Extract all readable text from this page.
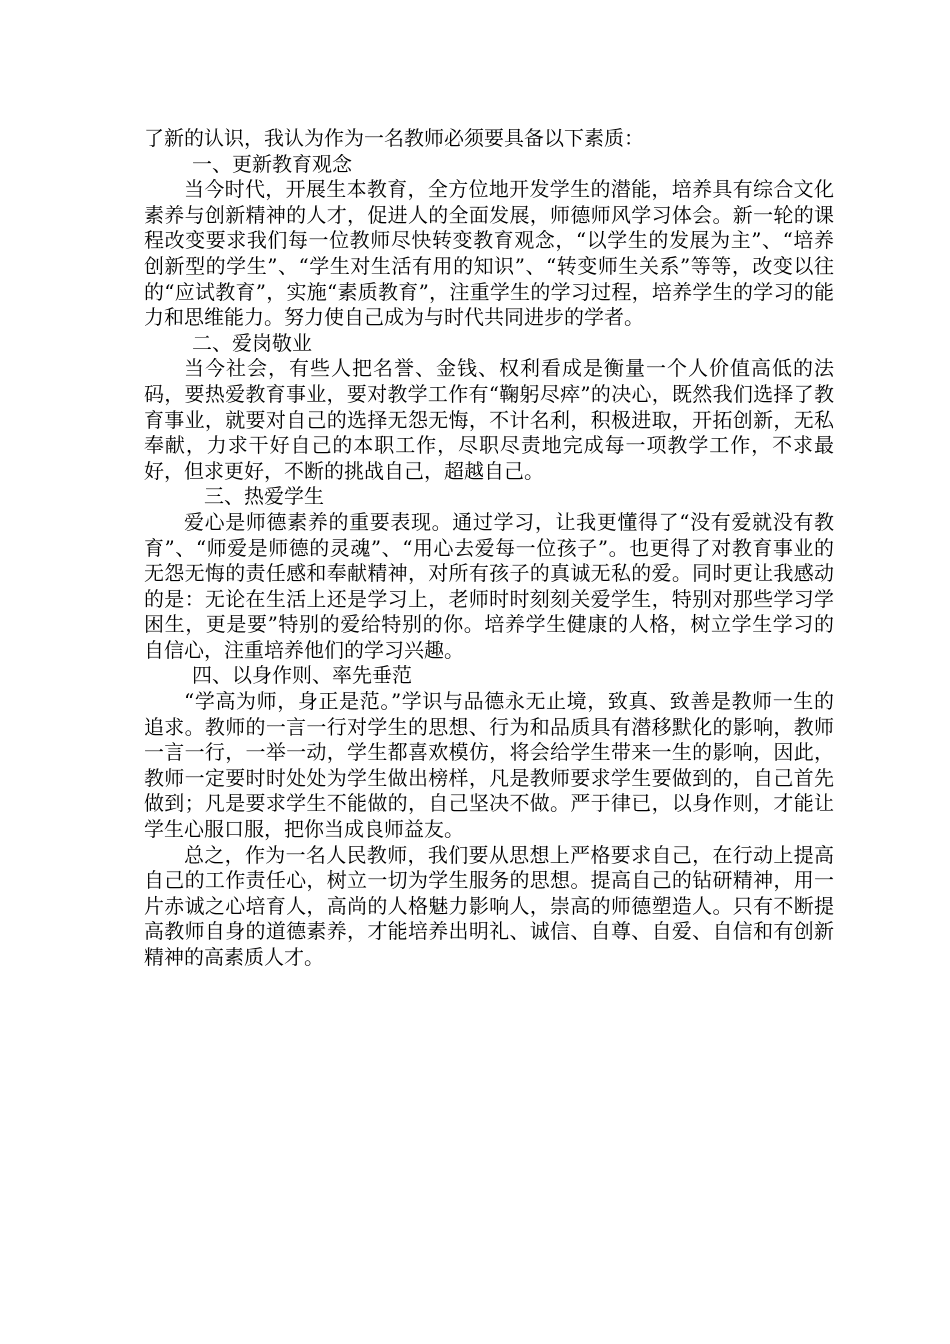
了新的认识，我认为作为一名教师必须要具备以下素质：

一、更新教育观念

当今时代，开展生本教育，全方位地开发学生的潜能，培养具有综合文化素养与创新精神的人才，促进人的全面发展，师德师风学习体会。新一轮的课程改变要求我们每一位教师尽快转变教育观念，“以学生的发展为主”、“培养创新型的学生”、“学生对生活有用的知识”、“转变师生关系”等等，改变以往的“应试教育”，实施“素质教育”，注重学生的学习过程，培养学生的学习的能力和思维能力。努力使自己成为与时代共同进步的学者。

二、爱岗敬业

当今社会，有些人把名誉、金钱、权利看成是衡量一个人价值高低的法码，要热爱教育事业，要对教学工作有“鞠躬尽瘁”的决心，既然我们选择了教育事业，就要对自己的选择无怨无悔，不计名利，积极进取，开拓创新，无私奉献，力求干好自己的本职工作，尽职尽责地完成每一项教学工作，不求最好，但求更好，不断的挑战自己，超越自己。

三、热爱学生

爱心是师德素养的重要表现。通过学习，让我更懂得了“没有爱就没有教育”、“师爱是师德的灵魂”、“用心去爱每一位孩子”。也更得了对教育事业的无怨无悔的责任感和奉献精神，对所有孩子的真诚无私的爱。同时更让我感动的是：无论在生活上还是学习上，老师时时刻刻关爱学生，特别对那些学习学困生，更是要”特别的爱给特别的你。培养学生健康的人格，树立学生学习的自信心，注重培养他们的学习兴趣。

四、以身作则、率先垂范

“学高为师，身正是范。”学识与品德永无止境，致真、致善是教师一生的追求。教师的一言一行对学生的思想、行为和品质具有潜移默化的影响，教师一言一行，一举一动，学生都喜欢模仿，将会给学生带来一生的影响，因此，教师一定要时时处处为学生做出榜样，凡是教师要求学生要做到的，自己首先做到；凡是要求学生不能做的，自己坚决不做。严于律已，以身作则，才能让学生心服口服，把你当成良师益友。

总之，作为一名人民教师，我们要从思想上严格要求自己，在行动上提高自己的工作责任心，树立一切为学生服务的思想。提高自己的钻研精神，用一片赤诚之心培育人，高尚的人格魅力影响人，崇高的师德塑造人。只有不断提高教师自身的道德素养，才能培养出明礼、诚信、自尊、自爱、自信和有创新精神的高素质人才。
